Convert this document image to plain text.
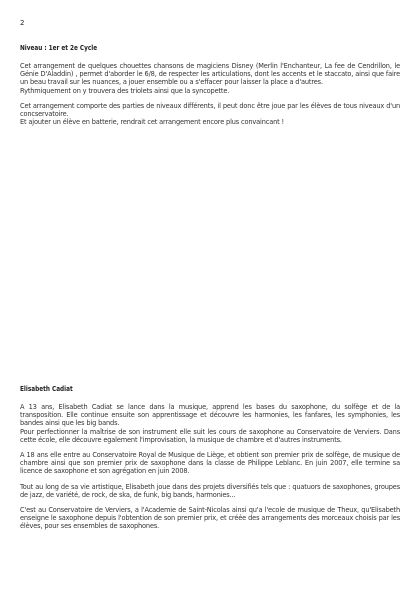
2
Niveau : 1er et 2e Cycle

Cet arrangement de quelques chouettes chansons de magiciens Disney (Merlin l'Enchanteur, La fee de Cendrillon, le Génie D'Aladdin) , permet d'aborder le 6/8, de respecter les articulations, dont les accents et le staccato, ainsi que faire un beau travail sur les nuances, a jouer ensemble ou a s'effacer pour laisser la place a d'autres.

Rythmiquement on y trouvera des triolets ainsi que la syncopette.

Cet arrangement comporte des parties de niveaux différents, il peut donc être joue par les élèves de tous niveaux d'un concservatoire.

Et ajouter un élève en batterie, rendrait cet arrangement encore plus convaincant !

Elisabeth Cadiat

A 13 ans, Elisabeth Cadiat se lance dans la musique, apprend les bases du saxophone, du solfège et de la transposition. Elle continue ensuite son apprentissage et découvre les harmonies, les fanfares, les symphonies, les bandes ainsi que les big bands.

Pour perfectionner la maîtrise de son instrument elle suit les cours de saxophone au Conservatoire de Verviers. Dans cette école, elle découvre egalement l'improvisation, la musique de chambre et d'autres instruments.

A 18 ans elle entre au Conservatoire Royal de Musique de Liège, et obtient son premier prix de solfège, de musique de chambre ainsi que son premier prix de saxophone dans la classe de Philippe Leblanc. En juin 2007, elle termine sa licence de saxophone et son agrégation en juin 2008.

Tout au long de sa vie artistique, Elisabeth joue dans des projets diversifiés tels que : quatuors de saxophones, groupes de jazz, de variété, de rock, de ska, de funk, big bands, harmonies...

C'est au Conservatoire de Verviers, a l'Academie de Saint-Nicolas ainsi qu'a l'ecole de musique de Theux, qu'Elisabeth enseigne le saxophone depuis l'obtention de son premier prix, et créée des arrangements des morceaux choisis par les élèves, pour ses ensembles de saxophones.
